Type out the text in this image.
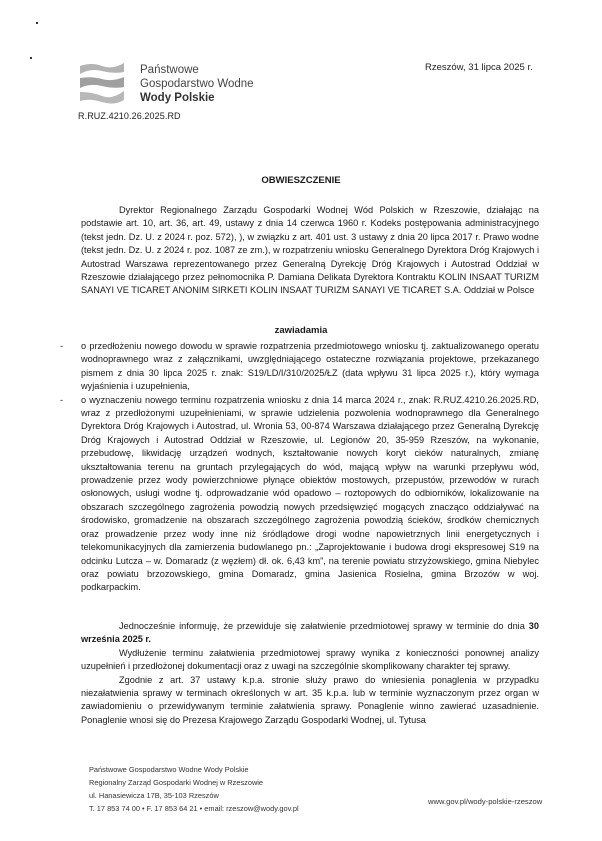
Państwowe
Gospodarstwo Wodne
Wody Polskie
R.RUZ.4210.26.2025.RD
Rzeszów, 31 lipca 2025 r.
OBWIESZCZENIE

Dyrektor Regionalnego Zarządu Gospodarki Wodnej Wód Polskich w Rzeszowie, działając na podstawie art. 10, art. 36, art. 49, ustawy z dnia 14 czerwca 1960 r. Kodeks postępowania administracyjnego (tekst jedn. Dz. U. z 2024 r. poz. 572), ), w związku z art. 401 ust. 3 ustawy z dnia 20 lipca 2017 r. Prawo wodne (tekst jedn. Dz. U. z 2024 r. poz. 1087 ze zm.), w rozpatrzeniu wniosku Generalnego Dyrektora Dróg Krajowych i Autostrad Warszawa reprezentowanego przez Generalną Dyrekcję Dróg Krajowych i Autostrad Oddział w Rzeszowie działającego przez pełnomocnika P. Damiana Delikata Dyrektora Kontraktu KOLIN INSAAT TURIZM SANAYI VE TICARET ANONIM SIRKETI KOLIN INSAAT TURIZM SANAYI VE TICARET S.A. Oddział w Polsce

zawiadamia
- o przedłożeniu nowego dowodu w sprawie rozpatrzenia przedmiotowego wniosku tj. zaktualizowanego operatu wodnoprawnego wraz z załącznikami, uwzględniającego ostateczne rozwiązania projektowe, przekazanego pismem z dnia 30 lipca 2025 r. znak: S19/LD/I/310/2025/ŁZ (data wpływu 31 lipca 2025 r.), który wymaga wyjaśnienia i uzupełnienia,
- o wyznaczeniu nowego terminu rozpatrzenia wniosku z dnia 14 marca 2024 r., znak: R.RUZ.4210.26.2025.RD, wraz z przedłożonymi uzupełnieniami, w sprawie udzielenia pozwolenia wodnoprawnego dla Generalnego Dyrektora Dróg Krajowych i Autostrad, ul. Wronia 53, 00-874 Warszawa działającego przez Generalną Dyrekcję Dróg Krajowych i Autostrad Oddział w Rzeszowie, ul. Legionów 20, 35-959 Rzeszów, na wykonanie, przebudowę, likwidację urządzeń wodnych, kształtowanie nowych koryt cieków naturalnych, zmianę ukształtowania terenu na gruntach przylegających do wód, mającą wpływ na warunki przepływu wód, prowadzenie przez wody powierzchniowe płynące obiektów mostowych, przepustów, przewodów w rurach osłonowych, usługi wodne tj. odprowadzanie wód opadowo – roztopowych do odbiorników, lokalizowanie na obszarach szczególnego zagrożenia powodzią nowych przedsięwzięć mogących znacząco oddziaływać na środowisko, gromadzenie na obszarach szczególnego zagrożenia powodzią ścieków, środków chemicznych oraz prowadzenie przez wody inne niż śródlądowe drogi wodne napowietrznych linii energetycznych i telekomunikacyjnych dla zamierzenia budowlanego pn.: „Zaprojektowanie i budowa drogi ekspresowej S19 na odcinku Lutcza – w. Domaradz (z węzłem) dł. ok. 6,43 km”, na terenie powiatu strzyżowskiego, gmina Niebylec oraz powiatu brzozowskiego, gmina Domaradz, gmina Jasienica Rosielna, gmina Brzozów w woj. podkarpackim.

Jednocześnie informuję, że przewiduje się załatwienie przedmiotowej sprawy w terminie do dnia 30 września 2025 r.

Wydłużenie terminu załatwienia przedmiotowej sprawy wynika z konieczności ponownej analizy uzupełnień i przedłożonej dokumentacji oraz z uwagi na szczególnie skomplikowany charakter tej sprawy.

Zgodnie z art. 37 ustawy k.p.a. stronie służy prawo do wniesienia ponaglenia w przypadku niezałatwienia sprawy w terminach określonych w art. 35 k.p.a. lub w terminie wyznaczonym przez organ w zawiadomieniu o przewidywanym terminie załatwienia sprawy. Ponaglenie winno zawierać uzasadnienie. Ponaglenie wnosi się do Prezesa Krajowego Zarządu Gospodarki Wodnej, ul. Tytusa

Państwowe Gospodarstwo Wodne Wody Polskie
Regionalny Zarząd Gospodarki Wodnej w Rzeszowie
ul. Hanasiewicza 17B, 35-103 Rzeszów
T. 17 853 74 00 • F. 17 853 64 21 • email: rzeszow@wody.gov.pl
www.gov.pl/wody-polskie-rzeszow
